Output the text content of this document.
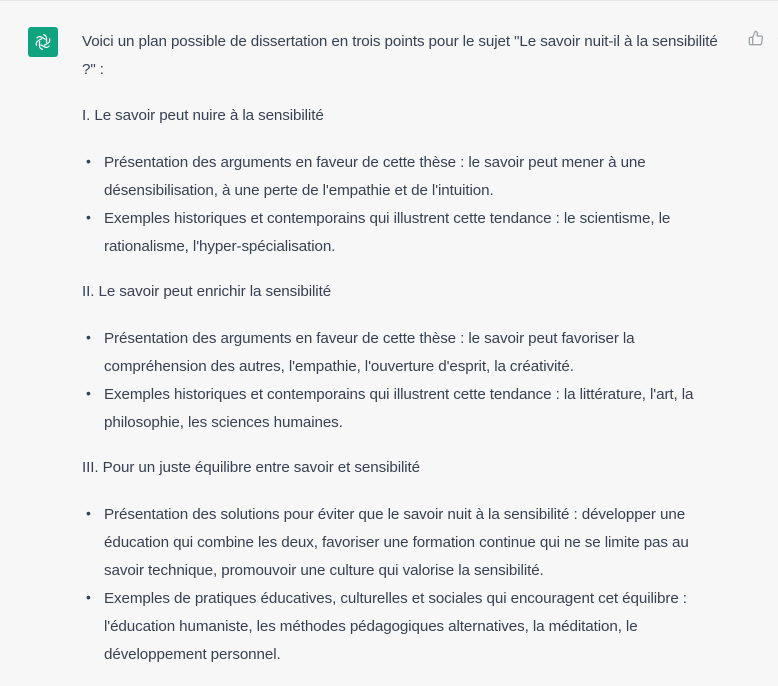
Voici un plan possible de dissertation en trois points pour le sujet "Le savoir nuit-il à la sensibilité ?" :

I. Le savoir peut nuire à la sensibilité

• Présentation des arguments en faveur de cette thèse : le savoir peut mener à une désensibilisation, à une perte de l'empathie et de l'intuition.
• Exemples historiques et contemporains qui illustrent cette tendance : le scientisme, le rationalisme, l'hyper-spécialisation.

II. Le savoir peut enrichir la sensibilité

• Présentation des arguments en faveur de cette thèse : le savoir peut favoriser la compréhension des autres, l'empathie, l'ouverture d'esprit, la créativité.
• Exemples historiques et contemporains qui illustrent cette tendance : la littérature, l'art, la philosophie, les sciences humaines.

III. Pour un juste équilibre entre savoir et sensibilité

• Présentation des solutions pour éviter que le savoir nuit à la sensibilité : développer une éducation qui combine les deux, favoriser une formation continue qui ne se limite pas au savoir technique, promouvoir une culture qui valorise la sensibilité.
• Exemples de pratiques éducatives, culturelles et sociales qui encouragent cet équilibre : l'éducation humaniste, les méthodes pédagogiques alternatives, la méditation, le développement personnel.
